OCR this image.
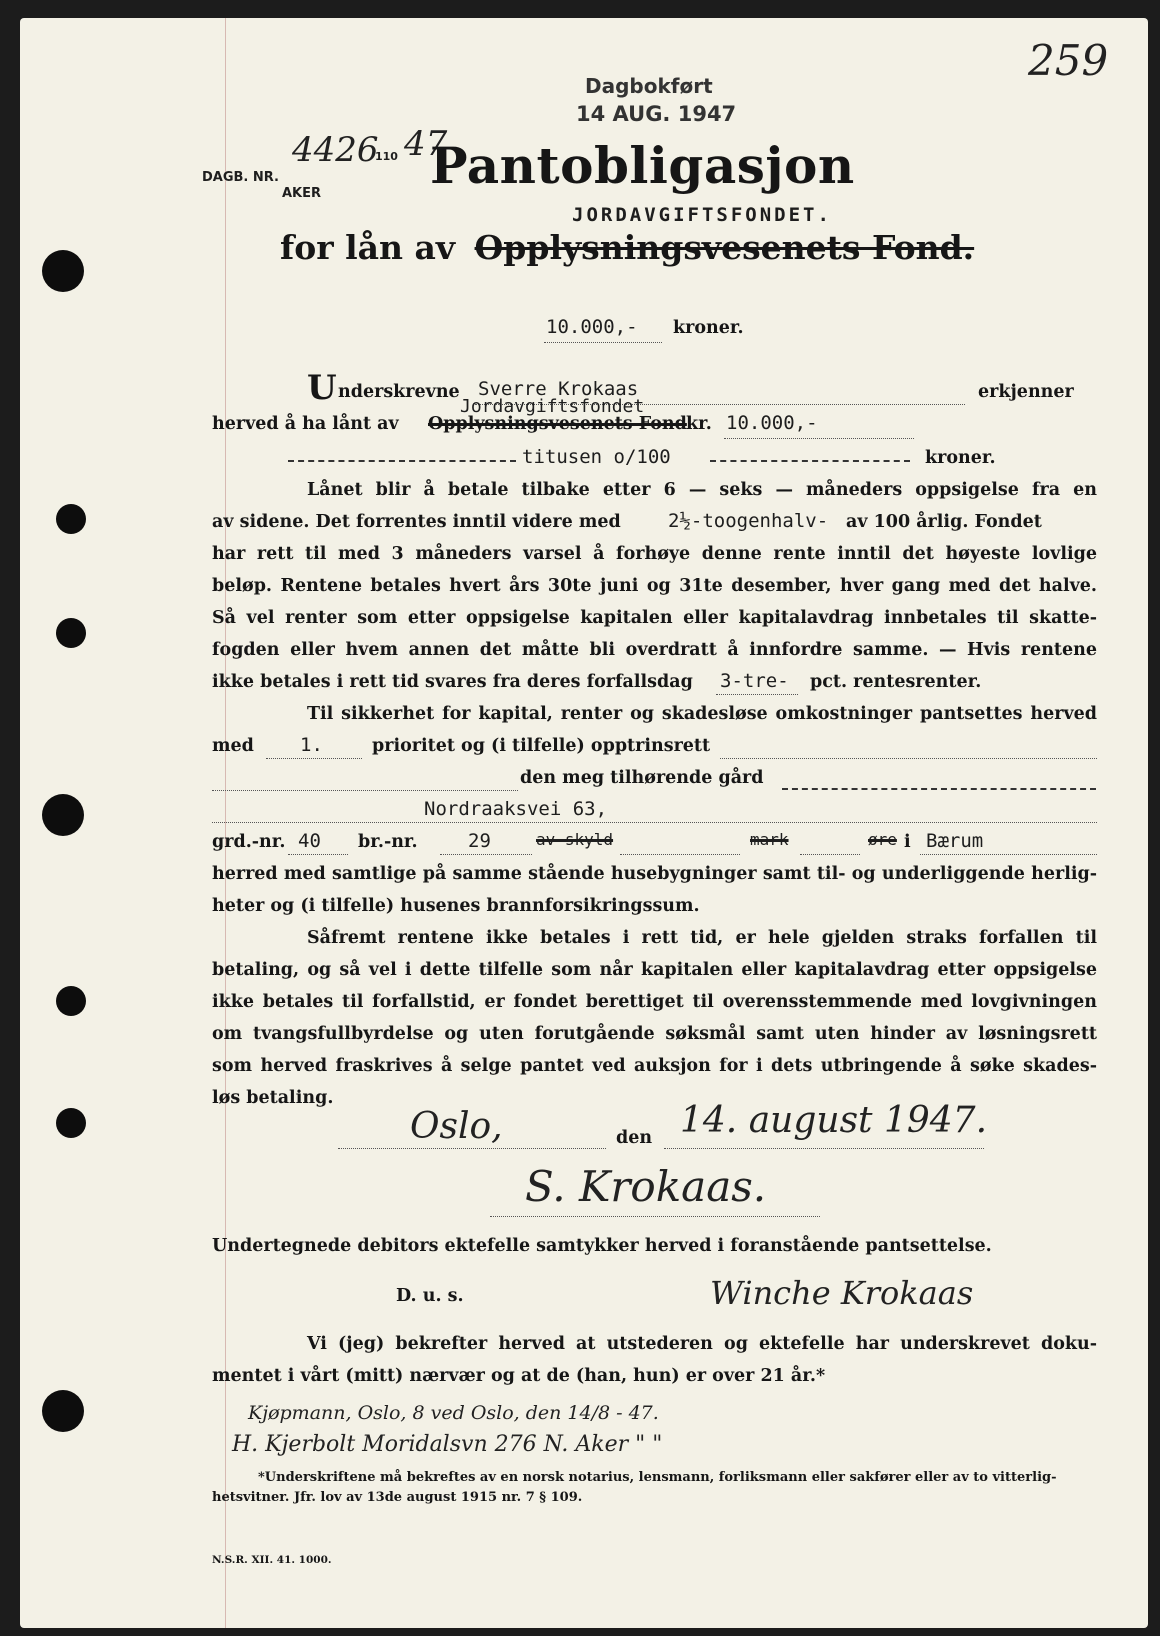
259
Dagbokført
14 AUG. 1947
DAGB. NR.
4426
110 47
AKER Pantobligasjon
JORDAVGIFTSFONDET.
for lån av Opplysningsvesenets Fond.
10.000,- kroner.
U nderskrevne Sverre Krokaas	erkjenner
herved å ha lånt av Opplysningsvesenets Fond
Jordavgiftsfondet
kr. 10.000,-
titusen o/100	kroner.
Lånet blir å betale tilbake etter 6 — seks — måneders oppsigelse fra en
av sidene. Det forrentes inntil videre med 2½-toogenhalv- av 100 årlig. Fondet
har rett til med 3 måneders varsel å forhøye denne rente inntil det høyeste lovlige
beløp. Rentene betales hvert års 30te juni og 31te desember, hver gang med det halve.
Så vel renter som etter oppsigelse kapitalen eller kapitalavdrag innbetales til skatte-
fogden eller hvem annen det måtte bli overdratt å innfordre samme. — Hvis rentene
ikke betales i rett tid svares fra deres forfallsdag 3-tre- pct. rentesrenter.
Til sikkerhet for kapital, renter og skadesløse omkostninger pantsettes herved
med 1.	prioritet og (i tilfelle) opptrinsrett
den meg tilhørende gård
Nordraaksvei 63,
grd.-nr. 40 br.-nr.	29	av skyld	mark	øre i Bærum
herred med samtlige på samme stående husebygninger samt til- og underliggende herlig-
heter og (i tilfelle) husenes brannforsikringssum.
Såfremt rentene ikke betales i rett tid, er hele gjelden straks forfallen til
betaling, og så vel i dette tilfelle som når kapitalen eller kapitalavdrag etter oppsigelse
ikke betales til forfallstid, er fondet berettiget til overensstemmende med lovgivningen
om tvangsfullbyrdelse og uten forutgående søksmål samt uten hinder av løsningsrett
som herved fraskrives å selge pantet ved auksjon for i dets utbringende å søke skades-
løs betaling.
Oslo,	den 14. august 1947.
S. Krokaas.
Undertegnede debitors ektefelle samtykker herved i foranstående pantsettelse.
D. u. s.	Winche Krokaas
Vi (jeg) bekrefter herved at utstederen og ektefelle har underskrevet doku-
mentet i vårt (mitt) nærvær og at de (han, hun) er over 21 år.*
Kjøpmann, Oslo, 8 ved Oslo, den 14/8 - 47.
H. Kjerbolt Moridalsvn 276 N. Aker " "
*Underskriftene må bekreftes av en norsk notarius, lensmann, forliksmann eller sakfører eller av to vitterlig-
hetsvitner. Jfr. lov av 13de august 1915 nr. 7 § 109.
N.S.R. XII. 41. 1000.
